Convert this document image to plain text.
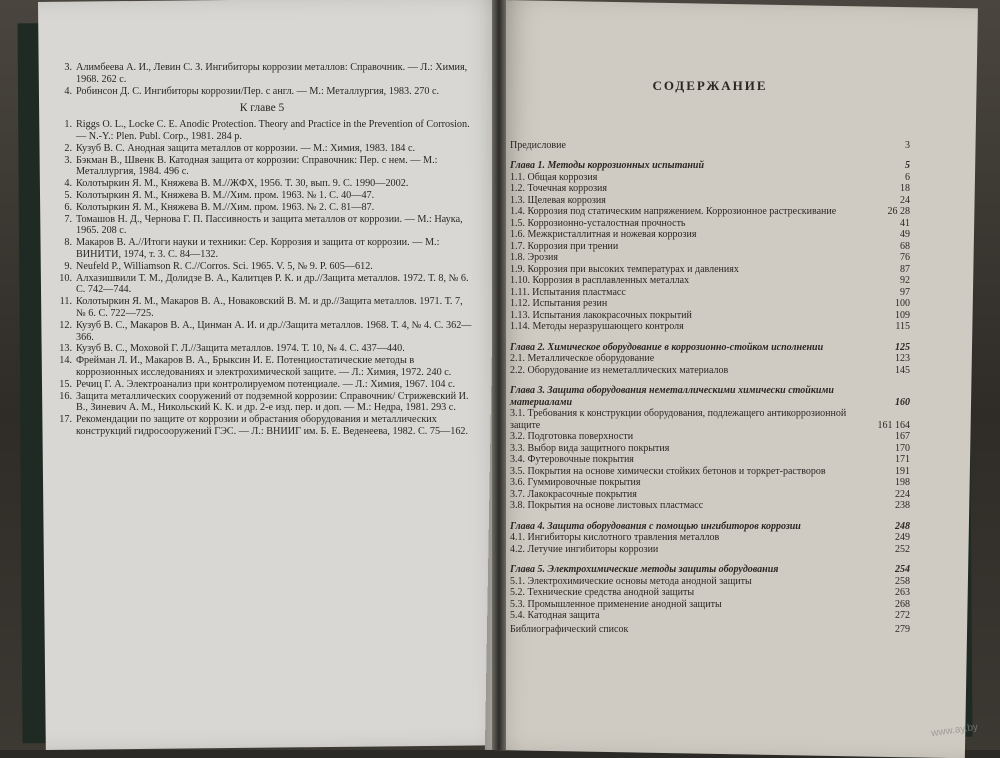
3. Алимбеева А. И., Левин С. З. Ингибиторы коррозии металлов: Справочник. — Л.: Химия, 1968. 262 с.
4. Робинсон Д. С. Ингибиторы коррозии/Пер. с англ. — М.: Металлургия, 1983. 270 с.
К главе 5
1. Riggs O. L., Locke C. E. Anodic Protection. Theory and Practice in the Prevention of Corrosion. — N.-Y.: Plen. Publ. Corp., 1981. 284 p.
2. Кузуб В. С. Анодная защита металлов от коррозии. — М.: Химия, 1983. 184 с.
3. Бэкман В., Швенк В. Катодная защита от коррозии: Справочник: Пер. с нем. — М.: Металлургия, 1984. 496 с.
4. Колотыркин Я. М., Княжева В. М.//ЖФХ, 1956. Т. 30, вып. 9. С. 1990—2002.
5. Колотыркин Я. М., Княжева В. М.//Хим. пром. 1963. № 1. С. 40—47.
6. Колотыркин Я. М., Княжева В. М.//Хим. пром. 1963. № 2. С. 81—87.
7. Томашов Н. Д., Чернова Г. П. Пассивность и защита металлов от коррозии. — М.: Наука, 1965. 208 с.
8. Макаров В. А.//Итоги науки и техники: Сер. Коррозия и защита от коррозии. — М.: ВИНИТИ, 1974, т. 3. С. 84—132.
9. Neufeld P., Williamson R. C.//Corros. Sci. 1965. V. 5, № 9. P. 605—612.
10. Алхазишвили Т. М., Долидзе В. А., Калитцев Р. К. и др.//Защита металлов. 1972. Т. 8, № 6. С. 742—744.
11. Колотыркин Я. М., Макаров В. А., Новаковский В. М. и др.//Защита металлов. 1971. Т. 7, № 6. С. 722—725.
12. Кузуб В. С., Макаров В. А., Цинман А. И. и др.//Защита металлов. 1968. Т. 4, № 4. С. 362—366.
13. Кузуб В. С., Моховой Г. Л.//Защита металлов. 1974. Т. 10, № 4. С. 437—440.
14. Фрейман Л. И., Макаров В. А., Брыксин И. Е. Потенциостатические методы в коррозионных исследованиях и электрохимической защите. — Л.: Химия, 1972. 240 с.
15. Речиц Г. А. Электроанализ при контролируемом потенциале. — Л.: Химия, 1967. 104 с.
16. Защита металлических сооружений от подземной коррозии: Справочник/ Стрижевский И. В., Зиневич А. М., Никольский К. К. и др. 2-е изд. пер. и доп. — М.: Недра, 1981. 293 с.
17. Рекомендации по защите от коррозии и обрастания оборудования и металлических конструкций гидросооружений ГЭС. — Л.: ВНИИГ им. Б. Е. Веденеева, 1982. С. 75—162.
СОДЕРЖАНИЕ
Предисловие	3
Глава 1. Методы коррозионных испытаний	5
1.1. Общая коррозия	6
1.2. Точечная коррозия	18
1.3. Щелевая коррозия	24
1.4. Коррозия под статическим напряжением. Коррозионное растрескивание	26 28
1.5. Коррозионно-усталостная прочность	41
1.6. Межкристаллитная и ножевая коррозия	49
1.7. Коррозия при трении	68
1.8. Эрозия	76
1.9. Коррозия при высоких температурах и давлениях	87
1.10. Коррозия в расплавленных металлах	92
1.11. Испытания пластмасс	97
1.12. Испытания резин	100
1.13. Испытания лакокрасочных покрытий	109
1.14. Методы неразрушающего контроля	115
Глава 2. Химическое оборудование в коррозионно-стойком исполнении	125
2.1. Металлическое оборудование	123
2.2. Оборудование из неметаллических материалов	145
Глава 3. Защита оборудования неметаллическими химически стойкими материалами	160
3.1. Требования к конструкции оборудования, подлежащего антикоррозионной защите	161 164
3.2. Подготовка поверхности	167
3.3. Выбор вида защитного покрытия	170
3.4. Футеровочные покрытия	171
3.5. Покрытия на основе химически стойких бетонов и торкрет-растворов	191
3.6. Гуммировочные покрытия	198
3.7. Лакокрасочные покрытия	224
3.8. Покрытия на основе листовых пластмасс	238
Глава 4. Защита оборудования с помощью ингибиторов коррозии	248
4.1. Ингибиторы кислотного травления металлов	249
4.2. Летучие ингибиторы коррозии	252
Глава 5. Электрохимические методы защиты оборудования	254
5.1. Электрохимические основы метода анодной защиты	258
5.2. Технические средства анодной защиты	263
5.3. Промышленное применение анодной защиты	268
5.4. Катодная защита	272
Библиографический список	279
www.ay.by
